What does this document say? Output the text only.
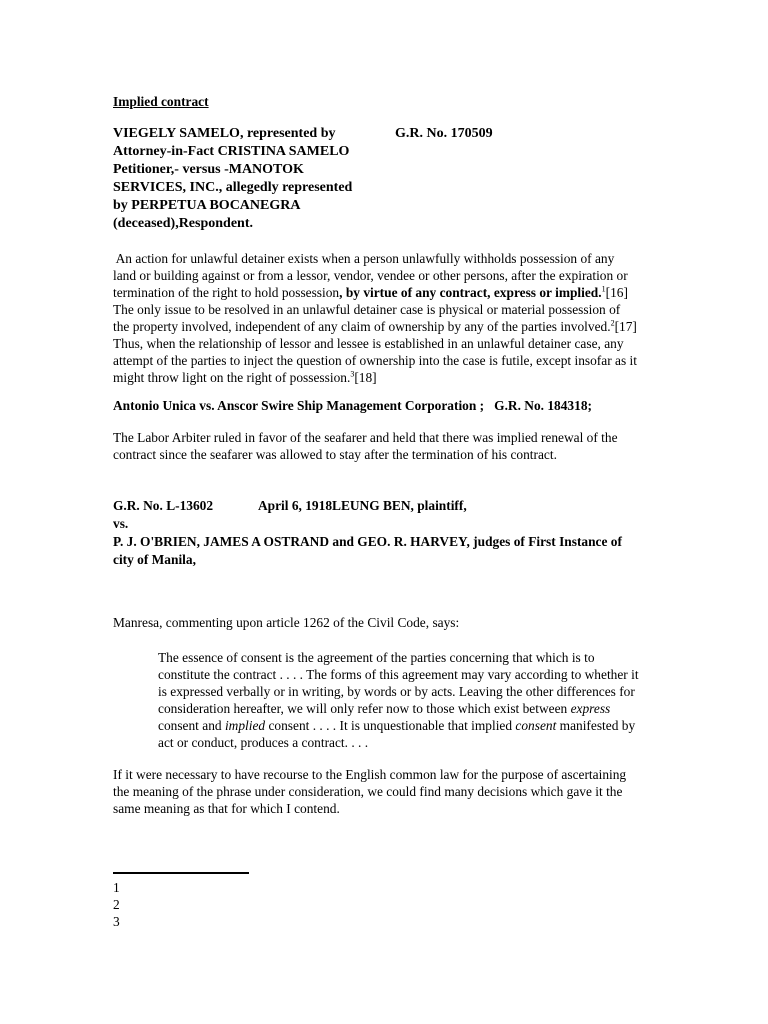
Implied contract
VIEGELY SAMELO, represented by
Attorney-in-Fact CRISTINA SAMELO
Petitioner,- versus -MANOTOK
SERVICES, INC., allegedly represented
by PERPETUA BOCANEGRA
(deceased),Respondent.
G.R. No. 170509
An action for unlawful detainer exists when a person unlawfully withholds possession of any
land or building against or from a lessor, vendor, vendee or other persons, after the expiration or
termination of the right to hold possession, by virtue of any contract, express or implied.$^1$[16]
The only issue to be resolved in an unlawful detainer case is physical or material possession of
the property involved, independent of any claim of ownership by any of the parties involved.$^2$[17]
Thus, when the relationship of lessor and lessee is established in an unlawful detainer case, any
attempt of the parties to inject the question of ownership into the case is futile, except insofar as it
might throw light on the right of possession.$^3$[18]
Antonio Unica vs. Anscor Swire Ship Management Corporation ;   G.R. No. 184318;
The Labor Arbiter ruled in favor of the seafarer and held that there was implied renewal of the
contract since the seafarer was allowed to stay after the termination of his contract.
G.R. No. L-13602	April 6, 1918LEUNG BEN, plaintiff,
vs.
P. J. O'BRIEN, JAMES A OSTRAND and GEO. R. HARVEY, judges of First Instance of
city of Manila,
Manresa, commenting upon article 1262 of the Civil Code, says:
The essence of consent is the agreement of the parties concerning that which is to
constitute the contract . . . . The forms of this agreement may vary according to whether it
is expressed verbally or in writing, by words or by acts. Leaving the other differences for
consideration hereafter, we will only refer now to those which exist between express
consent and implied consent . . . . It is unquestionable that implied consent manifested by
act or conduct, produces a contract. . . .
If it were necessary to have recourse to the English common law for the purpose of ascertaining
the meaning of the phrase under consideration, we could find many decisions which gave it the
same meaning as that for which I contend.
1
2
3
